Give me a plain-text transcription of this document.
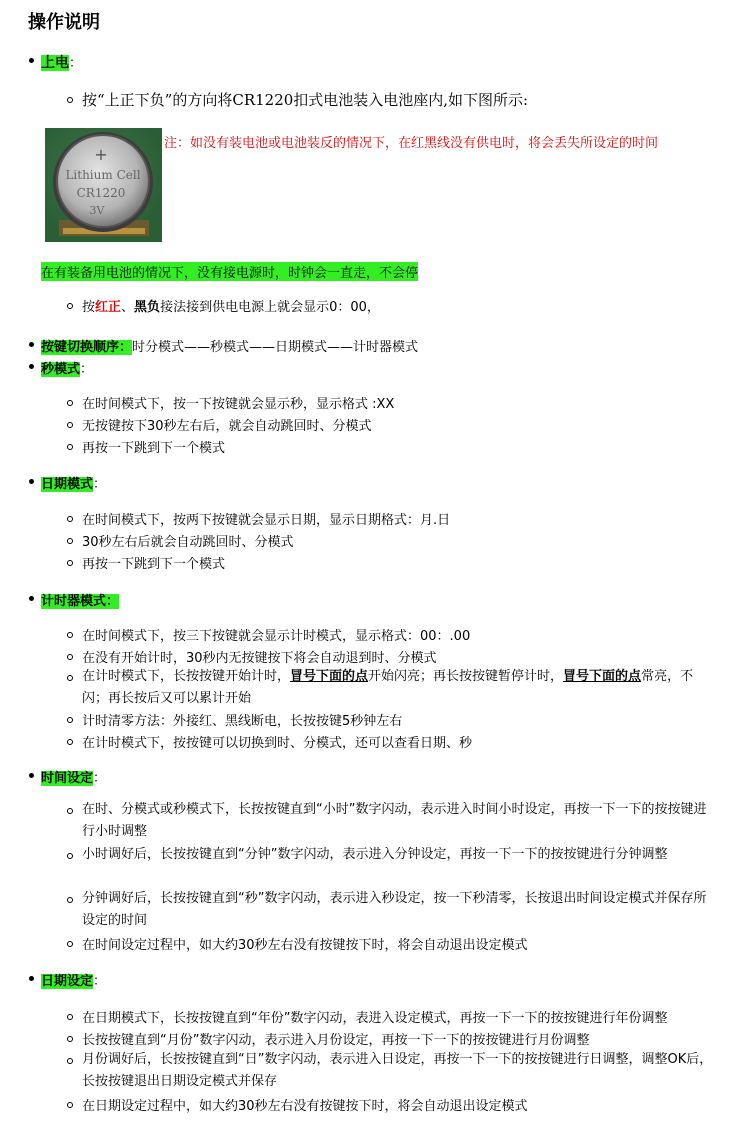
操作说明
上电：
按“上正下负”的方向将CR1220扣式电池装入电池座内,如下图所示:
+
Lithium Cell
CR1220
3V
注：如没有装电池或电池装反的情况下，在红黑线没有供电时，将会丢失所设定的时间
在有装备用电池的情况下，没有接电源时，时钟会一直走，不会停
按红正、黑负接法接到供电电源上就会显示0：00，
按键切换顺序：时分模式——秒模式——日期模式——计时器模式
秒模式：
在时间模式下，按一下按键就会显示秒，显示格式 :XX
无按键按下30秒左右后，就会自动跳回时、分模式
再按一下跳到下一个模式
日期模式：
在时间模式下，按两下按键就会显示日期，显示日期格式：月.日
30秒左右后就会自动跳回时、分模式
再按一下跳到下一个模式
计时器模式：
在时间模式下，按三下按键就会显示计时模式，显示格式：00：.00
在没有开始计时，30秒内无按键按下将会自动退到时、分模式
在计时模式下，长按按键开始计时，冒号下面的点开始闪亮；再长按按键暂停计时，冒号下面的点常亮，不闪；再长按后又可以累计开始
计时清零方法：外接红、黑线断电，长按按键5秒钟左右
在计时模式下，按按键可以切换到时、分模式，还可以查看日期、秒
时间设定：
在时、分模式或秒模式下，长按按键直到“小时”数字闪动，表示进入时间小时设定，再按一下一下的按按键进行小时调整
小时调好后，长按按键直到“分钟”数字闪动，表示进入分钟设定，再按一下一下的按按键进行分钟调整
分钟调好后，长按按键直到“秒”数字闪动，表示进入秒设定，按一下秒清零，长按退出时间设定模式并保存所设定的时间
在时间设定过程中，如大约30秒左右没有按键按下时，将会自动退出设定模式
日期设定：
在日期模式下，长按按键直到“年份”数字闪动，表进入设定模式，再按一下一下的按按键进行年份调整
长按按键直到“月份”数字闪动，表示进入月份设定，再按一下一下的按按键进行月份调整
月份调好后，长按按键直到“日”数字闪动，表示进入日设定，再按一下一下的按按键进行日调整，调整OK后，长按按键退出日期设定模式并保存
在日期设定过程中，如大约30秒左右没有按键按下时，将会自动退出设定模式
